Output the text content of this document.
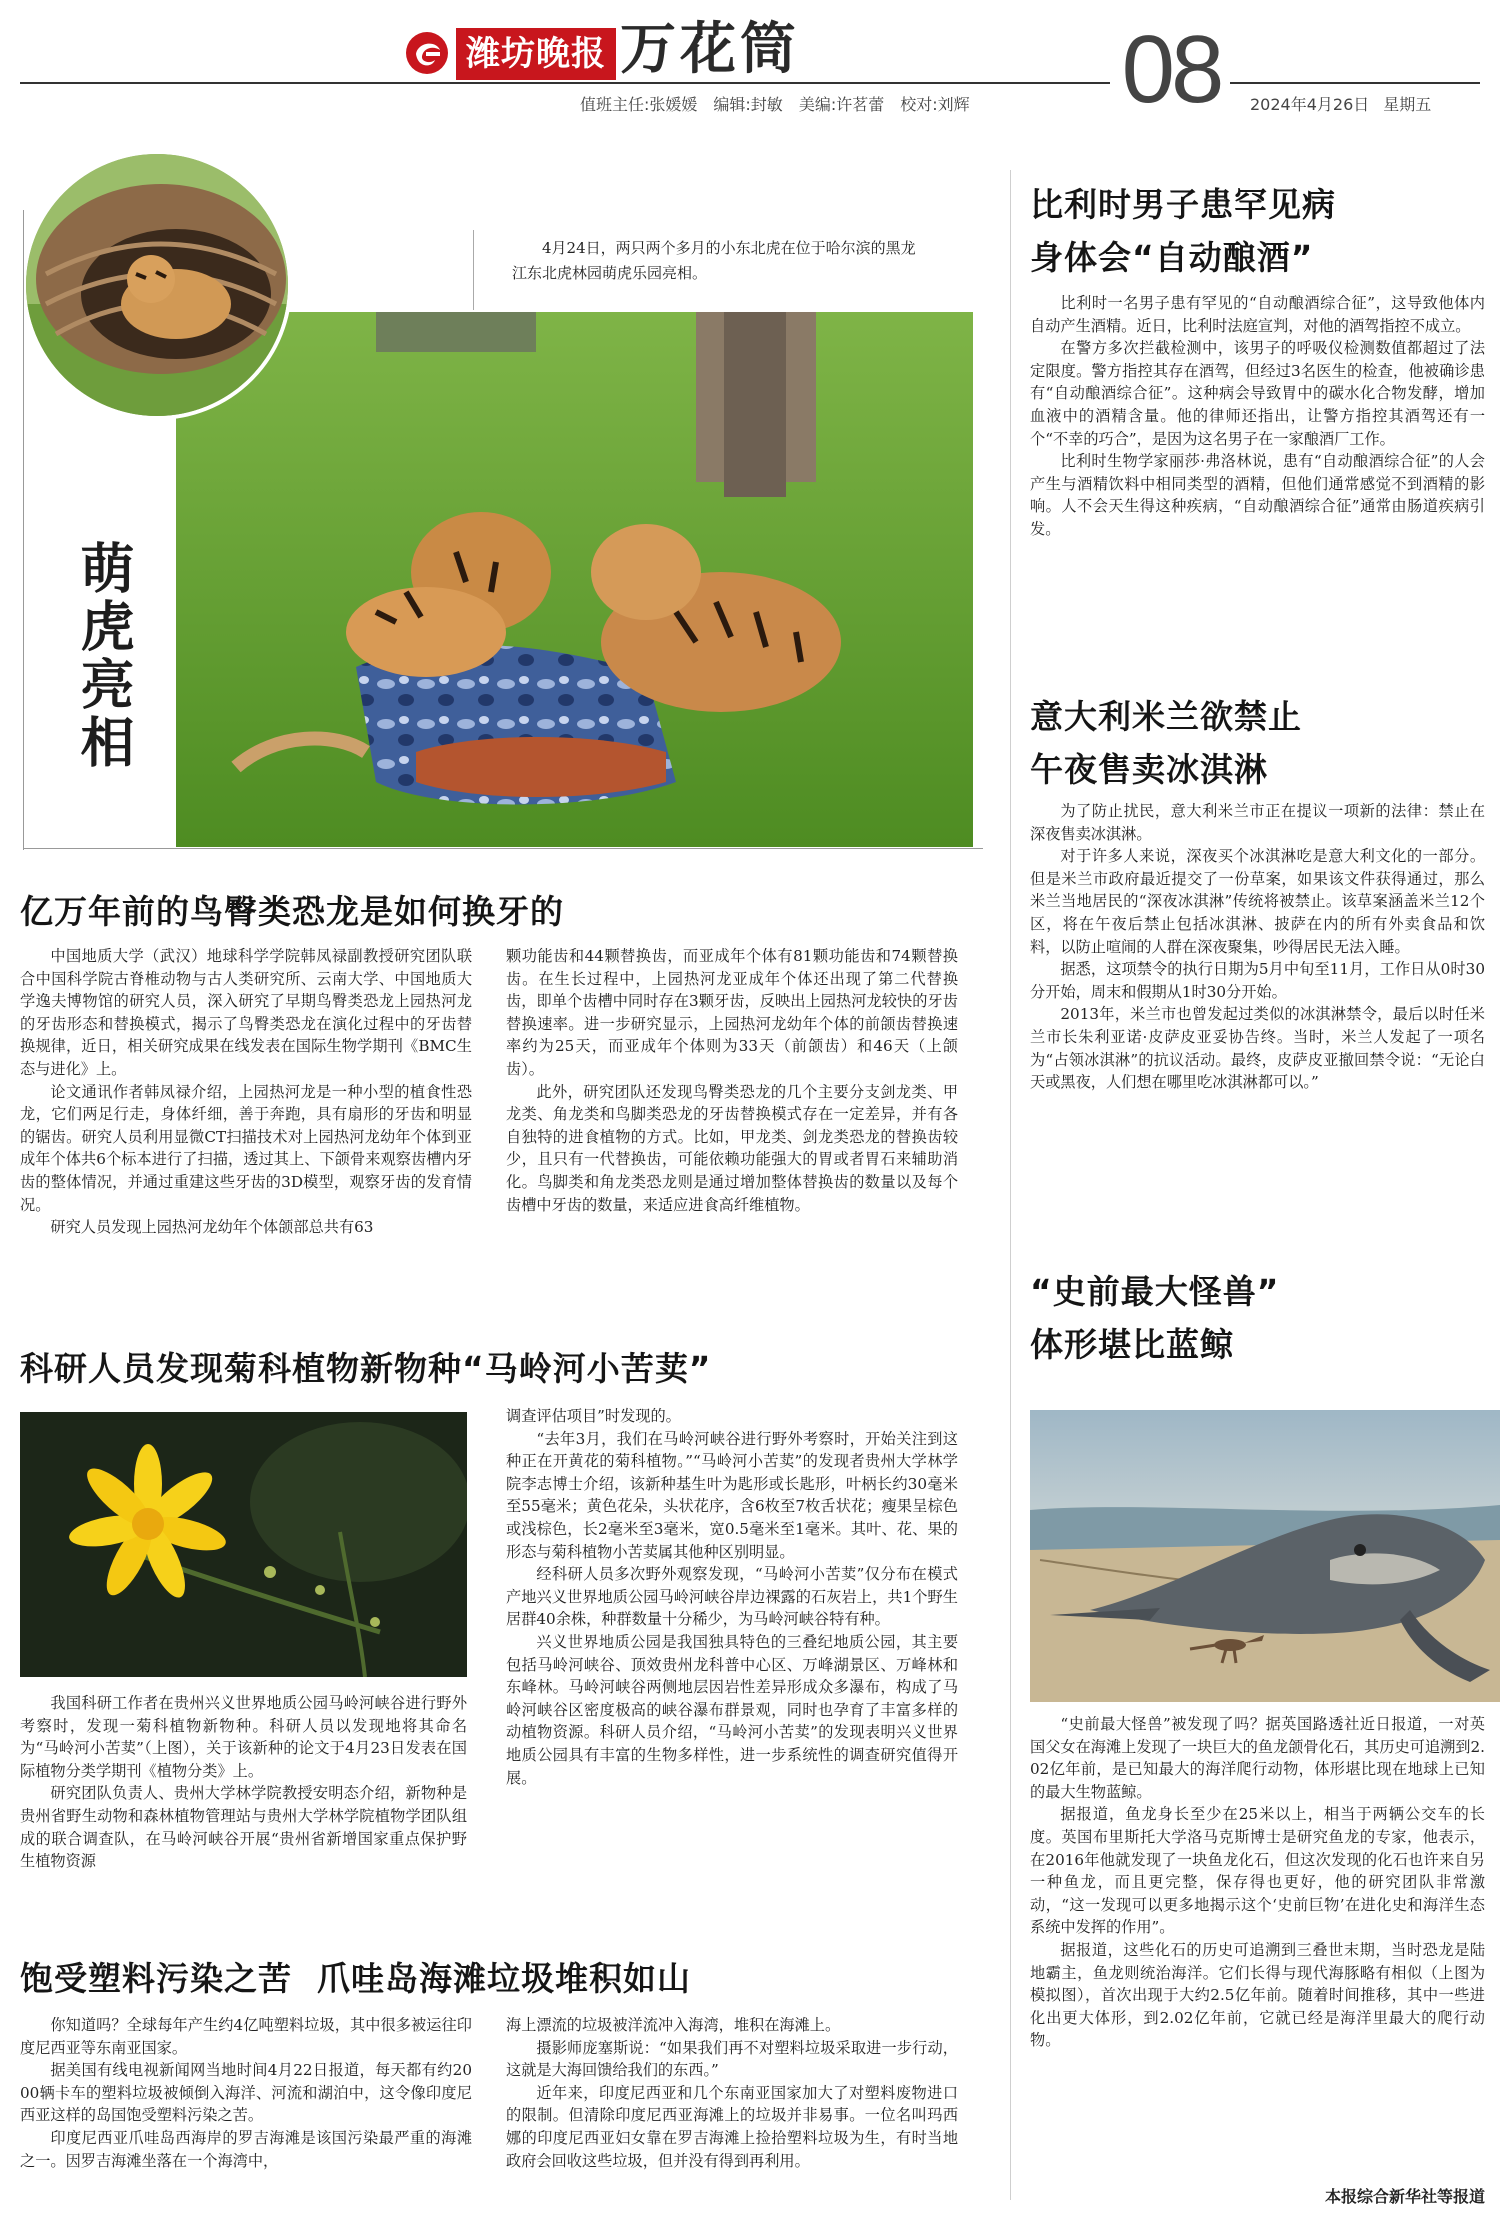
潍坊晚报 万花筒	08
值班主任:张媛媛 编辑:封敏 美编:许茗蕾 校对:刘辉	2024年4月26日 星期五
4月24日，两只两个多月的小东北虎在位于哈尔滨的黑龙江东北虎林园萌虎乐园亮相。
萌虎亮相
亿万年前的鸟臀类恐龙是如何换牙的

中国地质大学（武汉）地球科学学院韩凤禄副教授研究团队联合中国科学院古脊椎动物与古人类研究所、云南大学、中国地质大学逸夫博物馆的研究人员，深入研究了早期鸟臀类恐龙上园热河龙的牙齿形态和替换模式，揭示了鸟臀类恐龙在演化过程中的牙齿替换规律，近日，相关研究成果在线发表在国际生物学期刊《BMC生态与进化》上。

论文通讯作者韩凤禄介绍，上园热河龙是一种小型的植食性恐龙，它们两足行走，身体纤细，善于奔跑，具有扇形的牙齿和明显的锯齿。研究人员利用显微CT扫描技术对上园热河龙幼年个体到亚成年个体共6个标本进行了扫描，透过其上、下颌骨来观察齿槽内牙齿的整体情况，并通过重建这些牙齿的3D模型，观察牙齿的发育情况。

研究人员发现上园热河龙幼年个体颌部总共有63

颗功能齿和44颗替换齿，而亚成年个体有81颗功能齿和74颗替换齿。在生长过程中，上园热河龙亚成年个体还出现了第二代替换齿，即单个齿槽中同时存在3颗牙齿，反映出上园热河龙较快的牙齿替换速率。进一步研究显示，上园热河龙幼年个体的前颌齿替换速率约为25天，而亚成年个体则为33天（前颌齿）和46天（上颌齿）。

此外，研究团队还发现鸟臀类恐龙的几个主要分支剑龙类、甲龙类、角龙类和鸟脚类恐龙的牙齿替换模式存在一定差异，并有各自独特的进食植物的方式。比如，甲龙类、剑龙类恐龙的替换齿较少，且只有一代替换齿，可能依赖功能强大的胃或者胃石来辅助消化。鸟脚类和角龙类恐龙则是通过增加整体替换齿的数量以及每个齿槽中牙齿的数量，来适应进食高纤维植物。

科研人员发现菊科植物新物种“马岭河小苦荬”

我国科研工作者在贵州兴义世界地质公园马岭河峡谷进行野外考察时，发现一菊科植物新物种。科研人员以发现地将其命名为“马岭河小苦荬”（上图），关于该新种的论文于4月23日发表在国际植物分类学期刊《植物分类》上。

研究团队负责人、贵州大学林学院教授安明态介绍，新物种是贵州省野生动物和森林植物管理站与贵州大学林学院植物学团队组成的联合调查队，在马岭河峡谷开展“贵州省新增国家重点保护野生植物资源

调查评估项目”时发现的。

“去年3月，我们在马岭河峡谷进行野外考察时，开始关注到这种正在开黄花的菊科植物。”“马岭河小苦荬”的发现者贵州大学林学院李志博士介绍，该新种基生叶为匙形或长匙形，叶柄长约30毫米至55毫米；黄色花朵，头状花序，含6枚至7枚舌状花；瘦果呈棕色或浅棕色，长2毫米至3毫米，宽0.5毫米至1毫米。其叶、花、果的形态与菊科植物小苦荬属其他种区别明显。

经科研人员多次野外观察发现，“马岭河小苦荬”仅分布在模式产地兴义世界地质公园马岭河峡谷岸边裸露的石灰岩上，共1个野生居群40余株，种群数量十分稀少，为马岭河峡谷特有种。

兴义世界地质公园是我国独具特色的三叠纪地质公园，其主要包括马岭河峡谷、顶效贵州龙科普中心区、万峰湖景区、万峰林和东峰林。马岭河峡谷两侧地层因岩性差异形成众多瀑布，构成了马岭河峡谷区密度极高的峡谷瀑布群景观，同时也孕育了丰富多样的动植物资源。科研人员介绍，“马岭河小苦荬”的发现表明兴义世界地质公园具有丰富的生物多样性，进一步系统性的调查研究值得开展。

饱受塑料污染之苦  爪哇岛海滩垃圾堆积如山

你知道吗？全球每年产生约4亿吨塑料垃圾，其中很多被运往印度尼西亚等东南亚国家。

据美国有线电视新闻网当地时间4月22日报道，每天都有约2000辆卡车的塑料垃圾被倾倒入海洋、河流和湖泊中，这令像印度尼西亚这样的岛国饱受塑料污染之苦。

印度尼西亚爪哇岛西海岸的罗吉海滩是该国污染最严重的海滩之一。因罗吉海滩坐落在一个海湾中，

海上漂流的垃圾被洋流冲入海湾，堆积在海滩上。

摄影师庞塞斯说：“如果我们再不对塑料垃圾采取进一步行动，这就是大海回馈给我们的东西。”

近年来，印度尼西亚和几个东南亚国家加大了对塑料废物进口的限制。但清除印度尼西亚海滩上的垃圾并非易事。一位名叫玛西娜的印度尼西亚妇女靠在罗吉海滩上捡拾塑料垃圾为生，有时当地政府会回收这些垃圾，但并没有得到再利用。

比利时男子患罕见病
身体会“自动酿酒”

比利时一名男子患有罕见的“自动酿酒综合征”，这导致他体内自动产生酒精。近日，比利时法庭宣判，对他的酒驾指控不成立。

在警方多次拦截检测中，该男子的呼吸仪检测数值都超过了法定限度。警方指控其存在酒驾，但经过3名医生的检查，他被确诊患有“自动酿酒综合征”。这种病会导致胃中的碳水化合物发酵，增加血液中的酒精含量。他的律师还指出，让警方指控其酒驾还有一个“不幸的巧合”，是因为这名男子在一家酿酒厂工作。

比利时生物学家丽莎·弗洛林说，患有“自动酿酒综合征”的人会产生与酒精饮料中相同类型的酒精，但他们通常感觉不到酒精的影响。人不会天生得这种疾病，“自动酿酒综合征”通常由肠道疾病引发。

意大利米兰欲禁止
午夜售卖冰淇淋

为了防止扰民，意大利米兰市正在提议一项新的法律：禁止在深夜售卖冰淇淋。

对于许多人来说，深夜买个冰淇淋吃是意大利文化的一部分。但是米兰市政府最近提交了一份草案，如果该文件获得通过，那么米兰当地居民的“深夜冰淇淋”传统将被禁止。该草案涵盖米兰12个区，将在午夜后禁止包括冰淇淋、披萨在内的所有外卖食品和饮料，以防止喧闹的人群在深夜聚集，吵得居民无法入睡。

据悉，这项禁令的执行日期为5月中旬至11月，工作日从0时30分开始，周末和假期从1时30分开始。

2013年，米兰市也曾发起过类似的冰淇淋禁令，最后以时任米兰市长朱利亚诺·皮萨皮亚妥协告终。当时，米兰人发起了一项名为“占领冰淇淋”的抗议活动。最终，皮萨皮亚撤回禁令说：“无论白天或黑夜，人们想在哪里吃冰淇淋都可以。”

“史前最大怪兽”
体形堪比蓝鲸

“史前最大怪兽”被发现了吗？据英国路透社近日报道，一对英国父女在海滩上发现了一块巨大的鱼龙颌骨化石，其历史可追溯到2.02亿年前，是已知最大的海洋爬行动物，体形堪比现在地球上已知的最大生物蓝鲸。

据报道，鱼龙身长至少在25米以上，相当于两辆公交车的长度。英国布里斯托大学洛马克斯博士是研究鱼龙的专家，他表示，在2016年他就发现了一块鱼龙化石，但这次发现的化石也许来自另一种鱼龙，而且更完整，保存得也更好，他的研究团队非常激动，“这一发现可以更多地揭示这个‘史前巨物’在进化史和海洋生态系统中发挥的作用”。

据报道，这些化石的历史可追溯到三叠世末期，当时恐龙是陆地霸主，鱼龙则统治海洋。它们长得与现代海豚略有相似（上图为模拟图），首次出现于大约2.5亿年前。随着时间推移，其中一些进化出更大体形，到2.02亿年前，它就已经是海洋里最大的爬行动物。

本报综合新华社等报道
